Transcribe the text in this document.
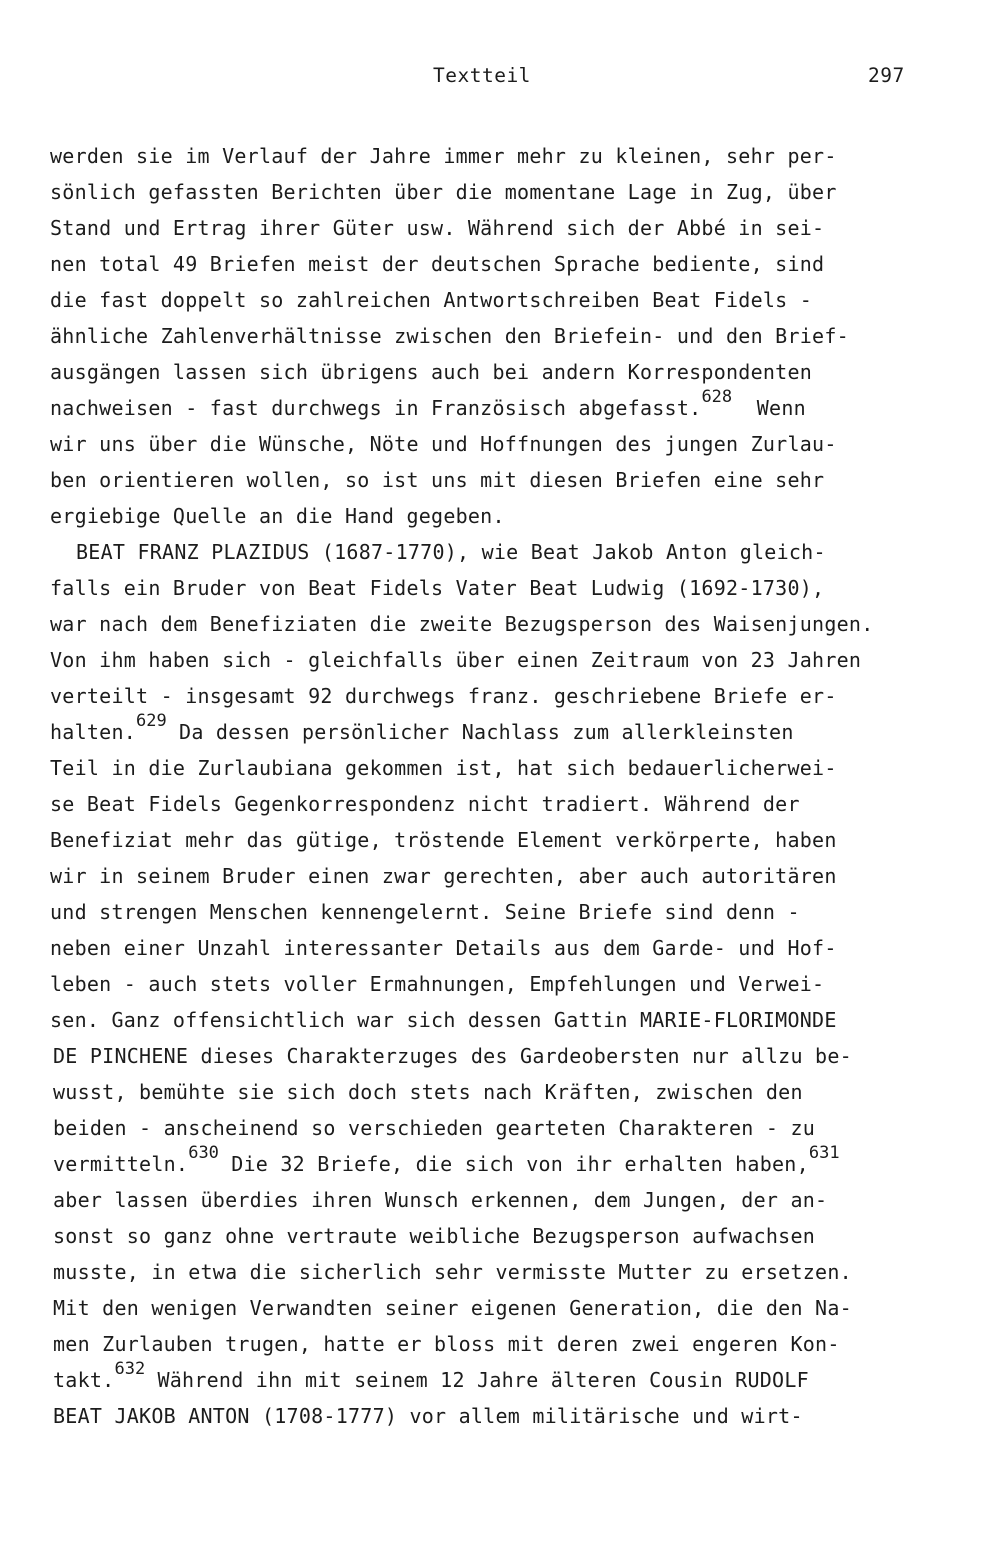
Textteil	297
werden sie im Verlauf der Jahre immer mehr zu kleinen, sehr per-
sönlich gefassten Berichten über die momentane Lage in Zug, über
Stand und Ertrag ihrer Güter usw. Während sich der Abbé in sei-
nen total 49 Briefen meist der deutschen Sprache bediente, sind
die fast doppelt so zahlreichen Antwortschreiben Beat Fidels -
ähnliche Zahlenverhältnisse zwischen den Briefein- und den Brief-
ausgängen lassen sich übrigens auch bei andern Korrespondenten
nachweisen - fast durchwegs in Französisch abgefasst.$^{628}$  Wenn
wir uns über die Wünsche, Nöte und Hoffnungen des jungen Zurlau-
ben orientieren wollen, so ist uns mit diesen Briefen eine sehr
ergiebige Quelle an die Hand gegeben.
BEAT FRANZ PLAZIDUS (1687-1770), wie Beat Jakob Anton gleich-
falls ein Bruder von Beat Fidels Vater Beat Ludwig (1692-1730),
war nach dem Benefiziaten die zweite Bezugsperson des Waisenjungen.
Von ihm haben sich - gleichfalls über einen Zeitraum von 23 Jahren
verteilt - insgesamt 92 durchwegs franz. geschriebene Briefe er-
halten.$^{629}$ Da dessen persönlicher Nachlass zum allerkleinsten
Teil in die Zurlaubiana gekommen ist, hat sich bedauerlicherwei-
se Beat Fidels Gegenkorrespondenz nicht tradiert. Während der
Benefiziat mehr das gütige, tröstende Element verkörperte, haben
wir in seinem Bruder einen zwar gerechten, aber auch autoritären
und strengen Menschen kennengelernt. Seine Briefe sind denn -
neben einer Unzahl interessanter Details aus dem Garde- und Hof-
leben - auch stets voller Ermahnungen, Empfehlungen und Verwei-
sen. Ganz offensichtlich war sich dessen Gattin MARIE-FLORIMONDE
DE PINCHENE dieses Charakterzuges des Gardeobersten nur allzu be-
wusst, bemühte sie sich doch stets nach Kräften, zwischen den
beiden - anscheinend so verschieden gearteten Charakteren - zu
vermitteln.$^{630}$ Die 32 Briefe, die sich von ihr erhalten haben,$^{631}$
aber lassen überdies ihren Wunsch erkennen, dem Jungen, der an-
sonst so ganz ohne vertraute weibliche Bezugsperson aufwachsen
musste, in etwa die sicherlich sehr vermisste Mutter zu ersetzen.
Mit den wenigen Verwandten seiner eigenen Generation, die den Na-
men Zurlauben trugen, hatte er bloss mit deren zwei engeren Kon-
takt.$^{632}$ Während ihn mit seinem 12 Jahre älteren Cousin RUDOLF
BEAT JAKOB ANTON (1708-1777) vor allem militärische und wirt-
